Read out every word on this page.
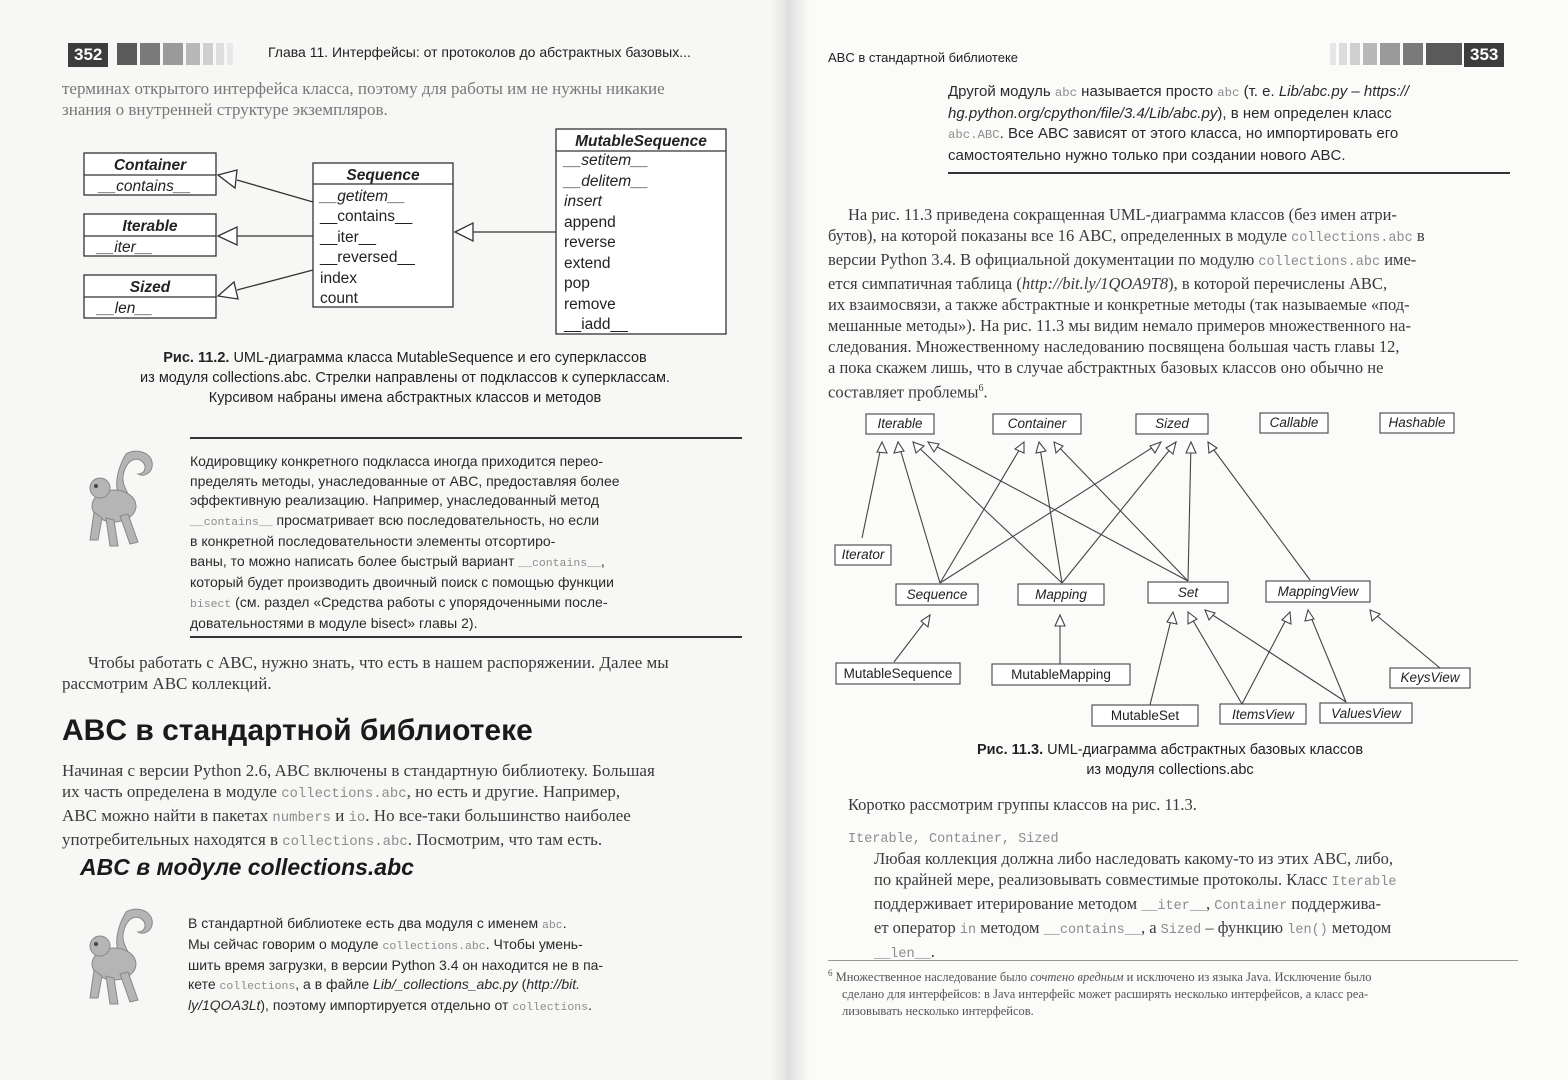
352	Глава 11. Интерфейсы: от протоколов до абстрактных базовых...
терминах открытого интерфейса класса, поэтому для работы им не нужны никакие
знания о внутренней структуре экземпляров.
Container
__contains__
Iterable
__iter__
Sized
__len__
Sequence
__getitem__
__contains__
__iter__
__reversed__
index
count
MutableSequence
__setitem__
__delitem__
insert
append
reverse
extend
pop
remove
__iadd__
Рис. 11.2. UML-диаграмма класса MutableSequence и его суперклассов
из модуля collections.abc. Стрелки направлены от подклассов к суперклассам.
Курсивом набраны имена абстрактных классов и методов
Кодировщику конкретного подкласса иногда приходится перео-
пределять методы, унаследованные от ABC, предоставляя более
эффективную реализацию. Например, унаследованный метод
__contains__ просматривает всю последовательность, но если
в конкретной последовательности элементы отсортиро-
ваны, то можно написать более быстрый вариант __contains__,
который будет производить двоичный поиск с помощью функции
bisect (см. раздел «Средства работы с упорядоченными после-
довательностями в модуле bisect» главы 2).
Чтобы работать с ABC, нужно знать, что есть в нашем распоряжении. Далее мы
рассмотрим ABC коллекций.
ABC в стандартной библиотеке
Начиная с версии Python 2.6, ABC включены в стандартную библиотеку. Большая
их часть определена в модуле collections.abc, но есть и другие. Например,
ABC можно найти в пакетах numbers и io. Но все-таки большинство наиболее
употребительных находятся в collections.abc. Посмотрим, что там есть.
ABC в модуле collections.abc
В стандартной библиотеке есть два модуля с именем abc.
Мы сейчас говорим о модуле collections.abc. Чтобы умень-
шить время загрузки, в версии Python 3.4 он находится не в па-
кете collections, а в файле Lib/_collections_abc.py (http://bit.
ly/1QOA3Lt), поэтому импортируется отдельно от collections.
ABC в стандартной библиотеке	353
Другой модуль abc называется просто abc (т. е. Lib/abc.py – https://
hg.python.org/cpython/file/3.4/Lib/abc.py), в нем определен класс
abc.ABC. Все ABC зависят от этого класса, но импортировать его
самостоятельно нужно только при создании нового ABC.
На рис. 11.3 приведена сокращенная UML-диаграмма классов (без имен атри-
бутов), на которой показаны все 16 ABC, определенных в модуле collections.abc в
версии Python 3.4. В официальной документации по модулю collections.abc име-
ется симпатичная таблица (http://bit.ly/1QOA9T8), в которой перечислены ABC,
их взаимосвязи, а также абстрактные и конкретные методы (так называемые «под-
мешанные методы»). На рис. 11.3 мы видим немало примеров множественного на-
следования. Множественному наследованию посвящена большая часть главы 12,
а пока скажем лишь, что в случае абстрактных базовых классов оно обычно не
составляет проблемы$^6$.
Iterable	Container	Sized	Callable	Hashable
Iterator
Sequence	Mapping	Set	MappingView
MutableSequence	MutableMapping	KeysView
MutableSet	ItemsView	ValuesView
Рис. 11.3. UML-диаграмма абстрактных базовых классов
из модуля collections.abc
Коротко рассмотрим группы классов на рис. 11.3.
Iterable, Container, Sized
Любая коллекция должна либо наследовать какому-то из этих ABC, либо,
по крайней мере, реализовывать совместимые протоколы. Класс Iterable
поддерживает итерирование методом __iter__, Container поддержива-
ет оператор in методом __contains__, а Sized – функцию len() методом
__len__.
$^6$ Множественное наследование было сочтено вредным и исключено из языка Java. Исключение было
сделано для интерфейсов: в Java интерфейс может расширять несколько интерфейсов, а класс реа-
лизовывать несколько интерфейсов.
